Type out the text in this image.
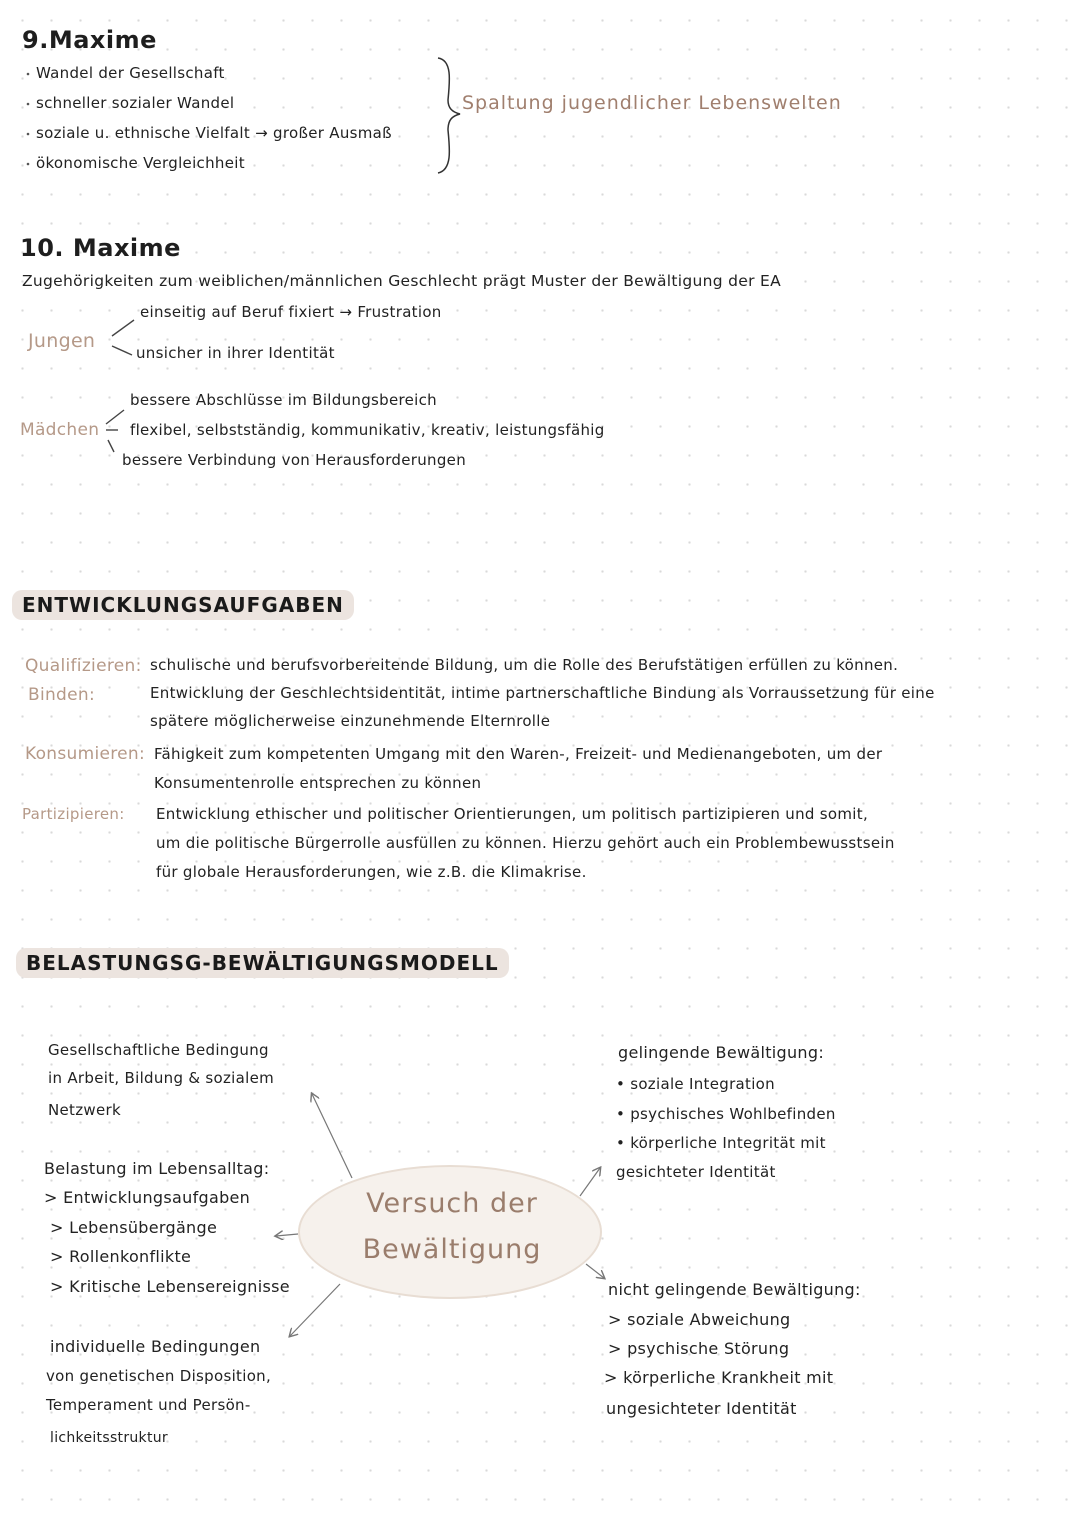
9.Maxime
Wandel der Gesellschaft
schneller sozialer Wandel
soziale u. ethnische Vielfalt → großer Ausmaß
ökonomische Vergleichheit
Spaltung jugendlicher Lebenswelten
10. Maxime
Zugehörigkeiten zum weiblichen/männlichen Geschlecht prägt Muster der Bewältigung der EA
Jungen
einseitig auf Beruf fixiert → Frustration
unsicher in ihrer Identität
Mädchen
bessere Abschlüsse im Bildungsbereich
flexibel, selbstständig, kommunikativ, kreativ, leistungsfähig
bessere Verbindung von Herausforderungen
ENTWICKLUNGSAUFGABEN
Qualifizieren: schulische und berufsvorbereitende Bildung, um die Rolle des Berufstätigen erfüllen zu können.
Binden:	Entwicklung der Geschlechtsidentität, intime partnerschaftliche Bindung als Vorraussetzung für eine
spätere möglicherweise einzunehmende Elternrolle
Konsumieren: Fähigkeit zum kompetenten Umgang mit den Waren-, Freizeit- und Medienangeboten, um der
Konsumentenrolle entsprechen zu können
Partizipieren: Entwicklung ethischer und politischer Orientierungen, um politisch partizipieren und somit,
um die politische Bürgerrolle ausfüllen zu können. Hierzu gehört auch ein Problembewusstsein
für globale Herausforderungen, wie z.B. die Klimakrise.
BELASTUNGSG-BEWÄLTIGUNGSMODELL
Gesellschaftliche Bedingung
in Arbeit, Bildung & sozialem
Netzwerk
Belastung im Lebensalltag:
> Entwicklungsaufgaben
> Lebensübergänge
> Rollenkonflikte
> Kritische Lebensereignisse
individuelle Bedingungen
von genetischen Disposition,
Temperament und Persön-
lichkeitsstruktur
Versuch der
Bewältigung
gelingende Bewältigung:
• soziale Integration
• psychisches Wohlbefinden
• körperliche Integrität mit
gesichteter Identität
nicht gelingende Bewältigung:
> soziale Abweichung
> psychische Störung
> körperliche Krankheit mit
ungesichteter Identität
